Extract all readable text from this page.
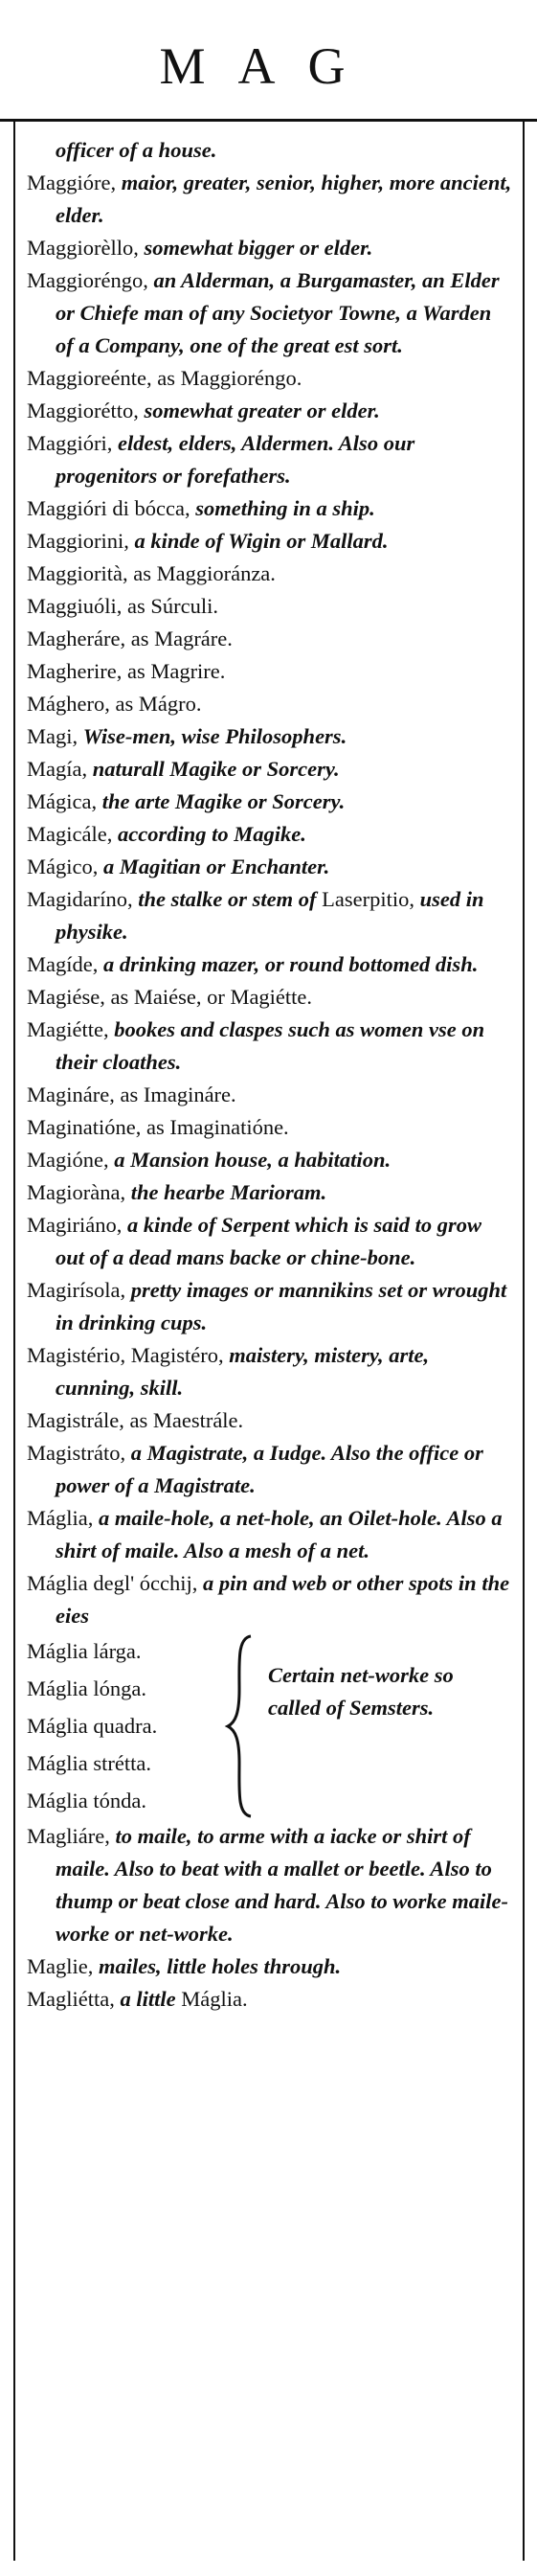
MAG

officer of a house.

Maggióre, maior, greater, senior, higher, more ancient, elder.

Maggiorèllo, somewhat bigger or elder.

Maggioréngo, an Alderman, a Burgamaster, an Elder or Chiefe man of any Societyor Towne, a Warden of a Company, one of the great est sort.

Maggioreénte, as Maggioréngo.

Maggiorétto, somewhat greater or elder.

Maggióri, eldest, elders, Aldermen. Also our progenitors or forefathers.

Maggióri di bócca, something in a ship.

Maggiorini, a kinde of Wigin or Mallard.

Maggiorità, as Maggioránza.

Maggiuóli, as Súrculi.

Magheráre, as Magráre.

Magherire, as Magrire.

Mághero, as Mágro.

Magi, Wise-men, wise Philosophers.

Magía, naturall Magike or Sorcery.

Mágica, the arte Magike or Sorcery.

Magicále, according to Magike.

Mágico, a Magitian or Enchanter.

Magidaríno, the stalke or stem of Laserpitio, used in physike.

Magíde, a drinking mazer, or round bottomed dish.

Magiése, as Maiése, or Magiétte.

Magiétte, bookes and claspes such as women vse on their cloathes.

Magináre, as Imagináre.

Maginatióne, as Imaginatióne.

Magióne, a Mansion house, a habitation.

Magioràna, the hearbe Marioram.

Magiriáno, a kinde of Serpent which is said to grow out of a dead mans backe or chine-bone.

Magirísola, pretty images or mannikins set or wrought in drinking cups.

Magistério, Magistéro, maistery, mistery, arte, cunning, skill.

Magistrále, as Maestrále.

Magistráto, a Magistrate, a Iudge. Also the office or power of a Magistrate.

Máglia, a maile-hole, a net-hole, an Oilet-hole. Also a shirt of maile. Also a mesh of a net.

Máglia degl' ócchij, a pin and web or other spots in the eies

Máglia lárga.
Máglia lónga.
Máglia quadra.
Máglia strétta.
Máglia tónda.
Certain net-worke so called of Semsters.

Magliáre, to maile, to arme with a iacke or shirt of maile. Also to beat with a mallet or beetle. Also to thump or beat close and hard. Also to worke maile-worke or net-worke.

Maglie, mailes, little holes through.

Magliétta, a little Máglia.
